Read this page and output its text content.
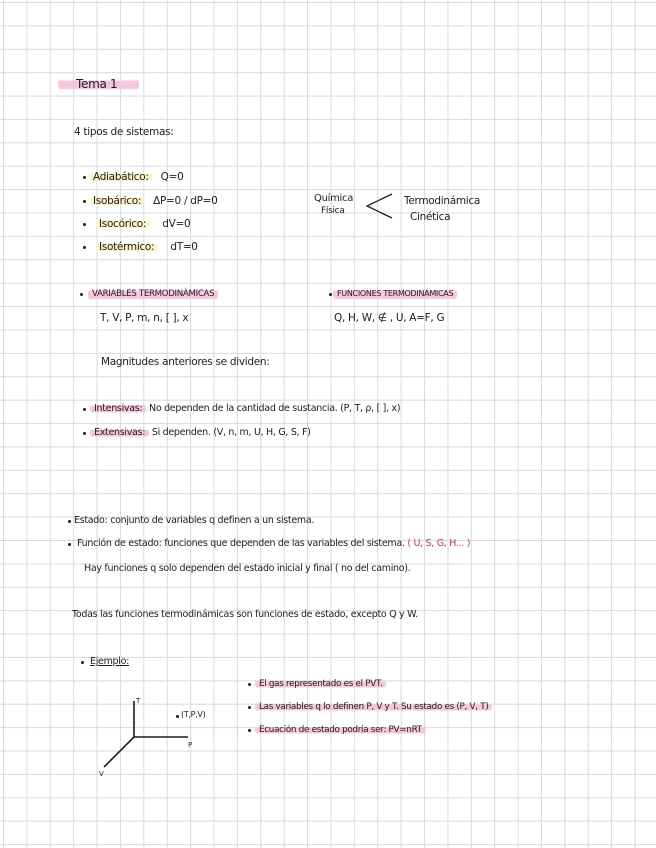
Tema 1
4 tipos de sistemas:
Adiabático: Q=0
Isobárico: ΔP=0 / dP=0
Isocórico: dV=0
Isotérmico: dT=0
Química
Física
Termodinámica
Cinética
VARIABLES TERMODINÁMICAS
T, V, P, m, n, [ ], x
FUNCIONES TERMODINÁMICAS
Q, H, W, ∉ , U, A=F, G
Magnitudes anteriores se dividen:
Intensivas: No dependen de la cantidad de sustancia. (P, T, ρ, [ ], x)
Extensivas: Si dependen. (V, n, m, U, H, G, S, F)
Estado: conjunto de variables q definen a un sistema.
Función de estado: funciones que dependen de las variables del sistema. ( U, S, G, H... )
Hay funciones q solo dependen del estado inicial y final ( no del camino).
Todas las funciones termodinámicas son funciones de estado, excepto Q y W.
Ejemplo:
T
P
V
(T,P,V)
El gas representado es el PVT.
Las variables q lo definen P, V y T. Su estado es (P, V, T)
Ecuación de estado podría ser: PV=nRT
